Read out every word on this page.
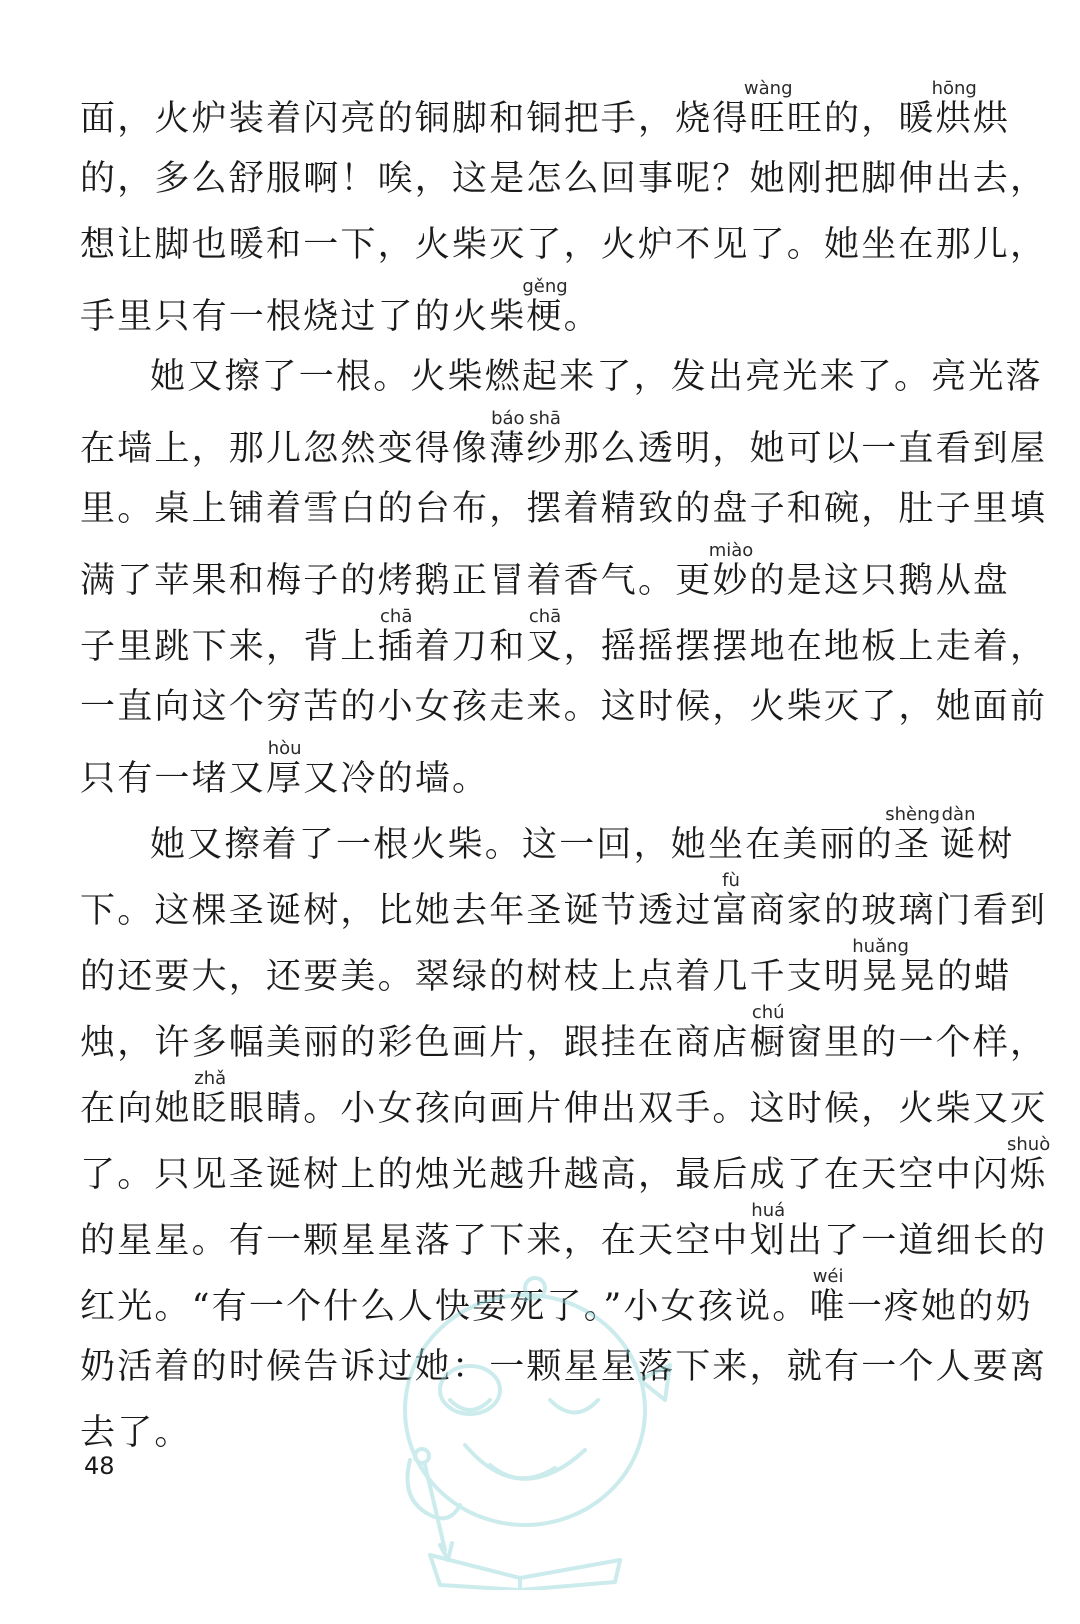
面，火炉装着闪亮的铜脚和铜把手，烧得旺wàng旺的，暖烘hōng烘
的，多么舒服啊！唉，这是怎么回事呢？她刚把脚伸出去，
想让脚也暖和一下，火柴灭了，火炉不见了。她坐在那儿，
手里只有一根烧过了的火柴梗gěng。
她又擦了一根。火柴燃起来了，发出亮光来了。亮光落
在墙上，那儿忽然变得像薄báo纱shā那么透明，她可以一直看到屋
里。桌上铺着雪白的台布，摆着精致的盘子和碗，肚子里填
满了苹果和梅子的烤鹅正冒着香气。更妙miào的是这只鹅从盘
子里跳下来，背上插chā着刀和叉chā，摇摇摆摆地在地板上走着，
一直向这个穷苦的小女孩走来。这时候，火柴灭了，她面前
只有一堵又厚hòu又冷的墙。
她又擦着了一根火柴。这一回，她坐在美丽的圣shèng诞dàn树
下。这棵圣诞树，比她去年圣诞节透过富fù商家的玻璃门看到
的还要大，还要美。翠绿的树枝上点着几千支明晃huǎng晃的蜡
烛，许多幅美丽的彩色画片，跟挂在商店橱chú窗里的一个样，
在向她眨zhǎ眼睛。小女孩向画片伸出双手。这时候，火柴又灭
了。只见圣诞树上的烛光越升越高，最后成了在天空中闪烁shuò
的星星。有一颗星星落了下来，在天空中划huá出了一道细长的
红光。“有一个什么人快要死了。”小女孩说。唯wéi一疼她的奶
奶活着的时候告诉过她：一颗星星落下来，就有一个人要离
去了。
48
